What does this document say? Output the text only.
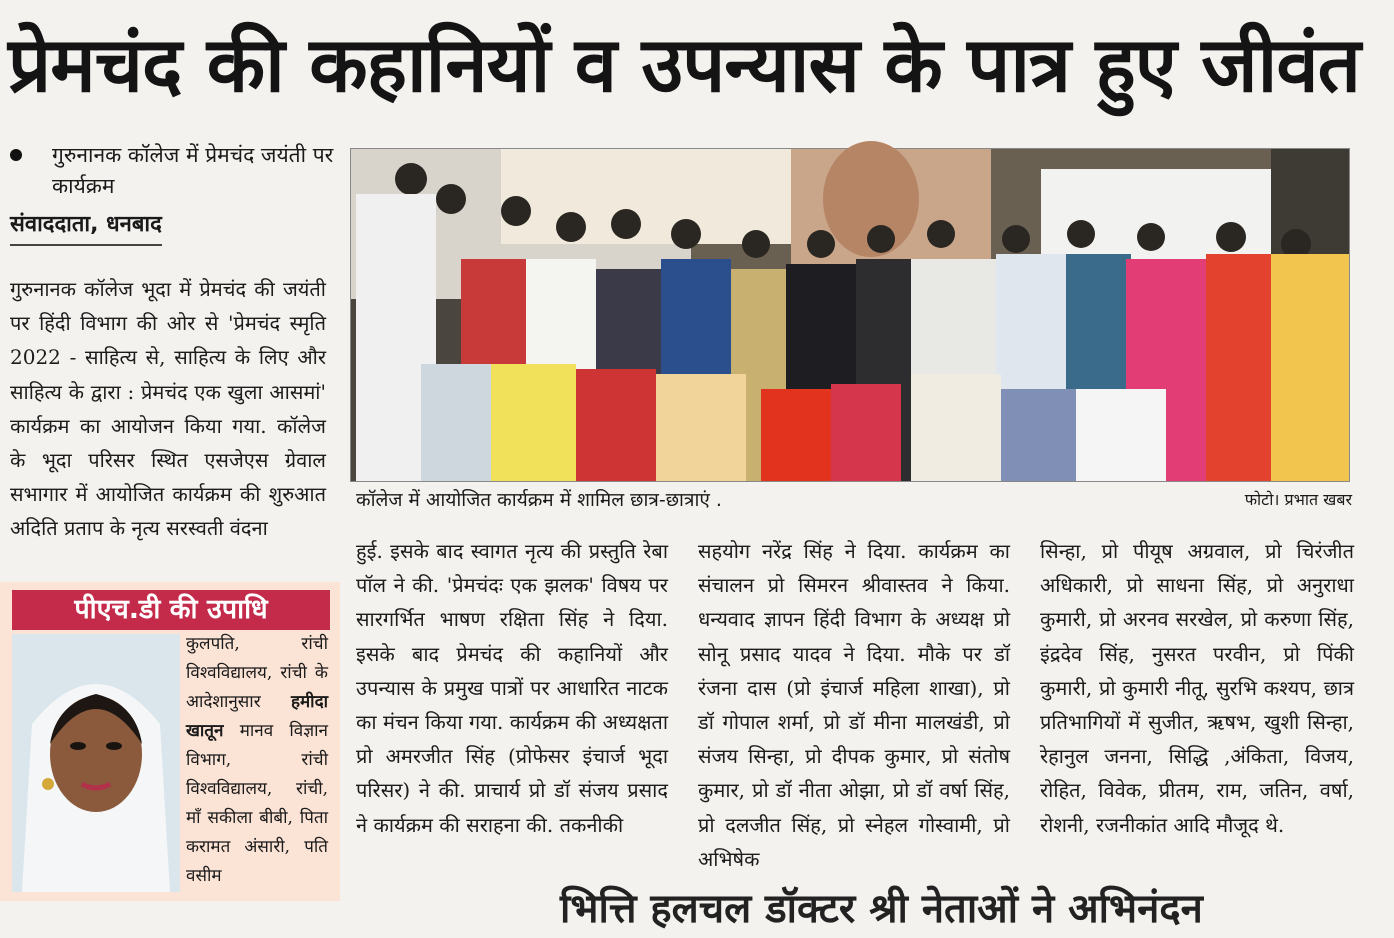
प्रेमचंद की कहानियों व उपन्यास के पात्र हुए जीवंत
गुरुनानक कॉलेज में प्रेमचंद जयंती पर कार्यक्रम
संवाददाता, धनबाद
गुरुनानक कॉलेज भूदा में प्रेमचंद की जयंती पर हिंदी विभाग की ओर से 'प्रेमचंद स्मृति 2022 - साहित्य से, साहित्य के लिए और साहित्य के द्वारा : प्रेमचंद एक खुला आसमां' कार्यक्रम का आयोजन किया गया. कॉलेज के भूदा परिसर स्थित एसजेएस ग्रेवाल सभागार में आयोजित कार्यक्रम की शुरुआत अदिति प्रताप के नृत्य सरस्वती वंदना
कॉलेज में आयोजित कार्यक्रम में शामिल छात्र-छात्राएं .	फोटो। प्रभात खबर
पीएच.डी की उपाधि
कुलपति, रांची विश्वविद्यालय, रांची के आदेशानुसार हमीदा खातून मानव विज्ञान विभाग, रांची विश्वविद्यालय, रांची, माँ सकीला बीबी, पिता करामत अंसारी, पति वसीम
हुई. इसके बाद स्वागत नृत्य की प्रस्तुति रेबा पॉल ने की. 'प्रेमचंदः एक झलक' विषय पर सारगर्भित भाषण रक्षिता सिंह ने दिया. इसके बाद प्रेमचंद की कहानियों और उपन्यास के प्रमुख पात्रों पर आधारित नाटक का मंचन किया गया. कार्यक्रम की अध्यक्षता प्रो अमरजीत सिंह (प्रोफेसर इंचार्ज भूदा परिसर) ने की. प्राचार्य प्रो डॉ संजय प्रसाद ने कार्यक्रम की सराहना की. तकनीकी
सहयोग नरेंद्र सिंह ने दिया. कार्यक्रम का संचालन प्रो सिमरन श्रीवास्तव ने किया. धन्यवाद ज्ञापन हिंदी विभाग के अध्यक्ष प्रो सोनू प्रसाद यादव ने दिया. मौके पर डॉ रंजना दास (प्रो इंचार्ज महिला शाखा), प्रो डॉ गोपाल शर्मा, प्रो डॉ मीना मालखंडी, प्रो संजय सिन्हा, प्रो दीपक कुमार, प्रो संतोष कुमार, प्रो डॉ नीता ओझा, प्रो डॉ वर्षा सिंह, प्रो दलजीत सिंह, प्रो स्नेहल गोस्वामी, प्रो अभिषेक
सिन्हा, प्रो पीयूष अग्रवाल, प्रो चिरंजीत अधिकारी, प्रो साधना सिंह, प्रो अनुराधा कुमारी, प्रो अरनव सरखेल, प्रो करुणा सिंह, इंद्रदेव सिंह, नुसरत परवीन, प्रो पिंकी कुमारी, प्रो कुमारी नीतू, सुरभि कश्यप, छात्र प्रतिभागियों में सुजीत, ऋषभ, खुशी सिन्हा, रेहानुल जनना, सिद्धि ,अंकिता, विजय, रोहित, विवेक, प्रीतम, राम, जतिन, वर्षा, रोशनी, रजनीकांत आदि मौजूद थे.
भित्ति हलचल डॉक्टर श्री नेताओं ने अभिनंदन
